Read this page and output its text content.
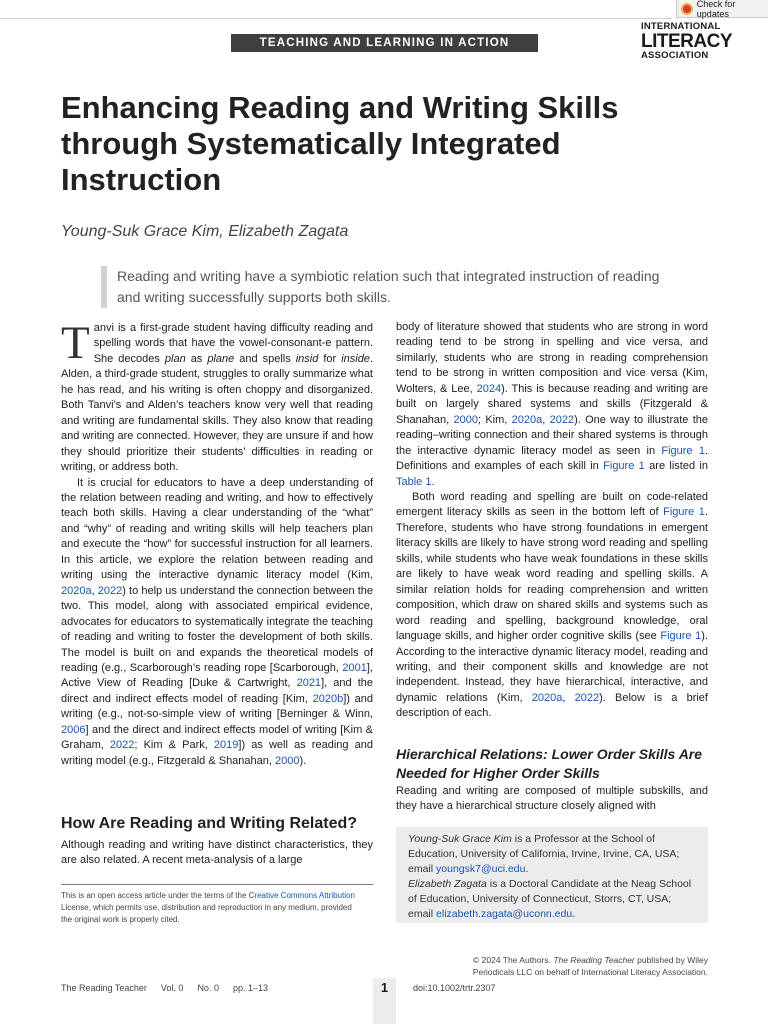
Check for updates
TEACHING AND LEARNING IN ACTION
INTERNATIONAL
LITERACY
ASSOCIATION
Enhancing Reading and Writing Skills through Systematically Integrated Instruction
Young-Suk Grace Kim, Elizabeth Zagata
Reading and writing have a symbiotic relation such that integrated instruction of reading and writing successfully supports both skills.

Tanvi is a first-grade student having difficulty reading and spelling words that have the vowel-consonant-e pattern. She decodes plan as plane and spells insid for inside. Alden, a third-grade student, struggles to orally summarize what he has read, and his writing is often choppy and disorganized. Both Tanvi’s and Alden’s teachers know very well that reading and writing are fundamental skills. They also know that reading and writing are connected. However, they are unsure if and how they should prioritize their students’ difficulties in reading or writing, or address both.

It is crucial for educators to have a deep understanding of the relation between reading and writing, and how to effectively teach both skills. Having a clear understanding of the “what” and “why” of reading and writing skills will help teachers plan and execute the “how” for successful instruction for all learners. In this article, we explore the relation between reading and writing using the interactive dynamic literacy model (Kim, 2020a, 2022) to help us understand the connection between the two. This model, along with associated empirical evidence, advocates for educators to systematically integrate the teaching of reading and writing to foster the development of both skills. The model is built on and expands the theoretical models of reading (e.g., Scarborough’s reading rope [Scarborough, 2001], Active View of Reading [Duke & Cartwright, 2021], and the direct and indirect effects model of reading [Kim, 2020b]) and writing (e.g., not-so-simple view of writing [Berninger & Winn, 2006] and the direct and indirect effects model of writing [Kim & Graham, 2022; Kim & Park, 2019]) as well as reading and writing model (e.g., Fitzgerald & Shanahan, 2000).

How Are Reading and Writing Related?

Although reading and writing have distinct characteristics, they are also related. A recent meta-analysis of a large

This is an open access article under the terms of the Creative Commons Attribution License, which permits use, distribution and reproduction in any medium, provided the original work is properly cited.

body of literature showed that students who are strong in word reading tend to be strong in spelling and vice versa, and similarly, students who are strong in reading comprehension tend to be strong in written composition and vice versa (Kim, Wolters, & Lee, 2024). This is because reading and writing are built on largely shared systems and skills (Fitzgerald & Shanahan, 2000; Kim, 2020a, 2022). One way to illustrate the reading–writing connection and their shared systems is through the interactive dynamic literacy model as seen in Figure 1. Definitions and examples of each skill in Figure 1 are listed in Table 1.

Both word reading and spelling are built on code-related emergent literacy skills as seen in the bottom left of Figure 1. Therefore, students who have strong foundations in emergent literacy skills are likely to have strong word reading and spelling skills, while students who have weak foundations in these skills are likely to have weak word reading and spelling skills. A similar relation holds for reading comprehension and written composition, which draw on shared skills and systems such as word reading and spelling, background knowledge, oral language skills, and higher order cognitive skills (see Figure 1). According to the interactive dynamic literacy model, reading and writing, and their component skills and knowledge are not independent. Instead, they have hierarchical, interactive, and dynamic relations (Kim, 2020a, 2022). Below is a brief description of each.

Hierarchical Relations: Lower Order Skills Are Needed for Higher Order Skills

Reading and writing are composed of multiple subskills, and they have a hierarchical structure closely aligned with

Young-Suk Grace Kim is a Professor at the School of Education, University of California, Irvine, Irvine, CA, USA; email youngsk7@uci.edu.

Elizabeth Zagata is a Doctoral Candidate at the Neag School of Education, University of Connecticut, Storrs, CT, USA; email elizabeth.zagata@uconn.edu.

© 2024 The Authors. The Reading Teacher published by Wiley Periodicals LLC on behalf of International Literacy Association.
The Reading Teacher Vol. 0 No. 0 pp. 1–13	1	doi:10.1002/trtr.2307
